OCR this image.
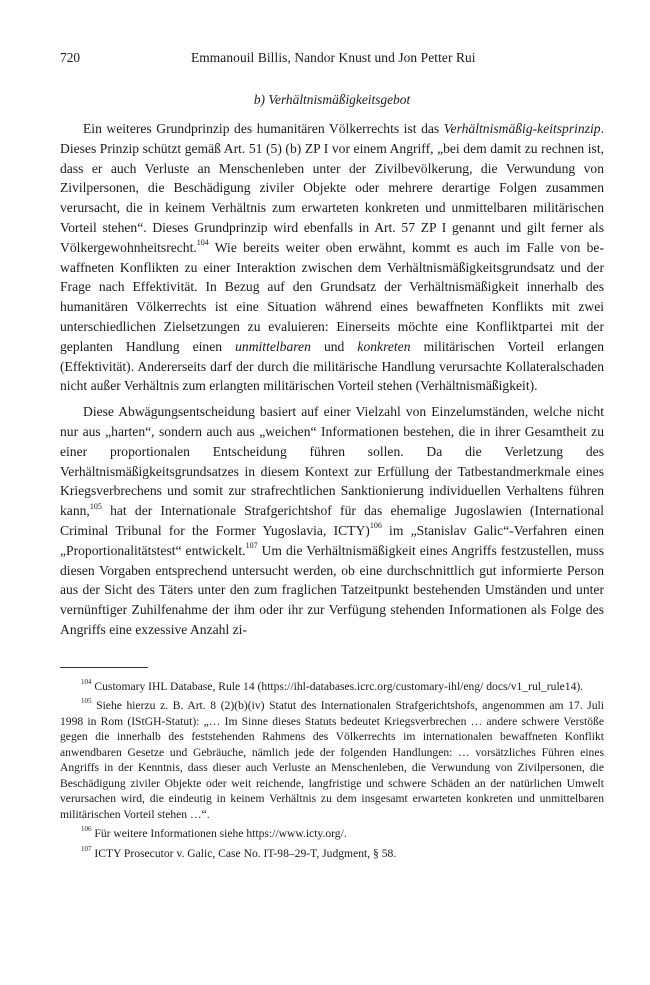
720	Emmanouil Billis, Nandor Knust und Jon Petter Rui
b) Verhältnismäßigkeitsgebot

Ein weiteres Grundprinzip des humanitären Völkerrechts ist das Verhältnismäßig-keitsprinzip. Dieses Prinzip schützt gemäß Art. 51 (5) (b) ZP I vor einem Angriff, „bei dem damit zu rechnen ist, dass er auch Verluste an Menschenleben unter der Zivilbevölkerung, die Verwundung von Zivilpersonen, die Beschädigung ziviler Objekte oder mehrere derartige Folgen zusammen verursacht, die in keinem Verhältnis zum erwarteten konkreten und unmittelbaren militärischen Vorteil stehen“. Dieses Grundprinzip wird ebenfalls in Art. 57 ZP I genannt und gilt ferner als Völkergewohnheitsrecht.$^{104}$ Wie bereits weiter oben erwähnt, kommt es auch im Falle von bewaffneten Konflikten zu einer Interaktion zwischen dem Verhältnismäßigkeitsgrundsatz und der Frage nach Effektivität. In Bezug auf den Grundsatz der Verhältnismäßigkeit innerhalb des humanitären Völkerrechts ist eine Situation während eines bewaffneten Konflikts mit zwei unterschiedlichen Zielsetzungen zu evaluieren: Einerseits möchte eine Konfliktpartei mit der geplanten Handlung einen unmittelbaren und konkreten militärischen Vorteil erlangen (Effektivität). Andererseits darf der durch die militärische Handlung verursachte Kollateralschaden nicht außer Verhältnis zum erlangten militärischen Vorteil stehen (Verhältnismäßigkeit).

Diese Abwägungsentscheidung basiert auf einer Vielzahl von Einzelumständen, welche nicht nur aus „harten“, sondern auch aus „weichen“ Informationen bestehen, die in ihrer Gesamtheit zu einer proportionalen Entscheidung führen sollen. Da die Verletzung des Verhältnismäßigkeitsgrundsatzes in diesem Kontext zur Erfüllung der Tatbestandmerkmale eines Kriegsverbrechens und somit zur strafrechtlichen Sanktionierung individuellen Verhaltens führen kann,$^{105}$ hat der Internationale Strafgerichtshof für das ehemalige Jugoslawien (International Criminal Tribunal for the Former Yugoslavia, ICTY)$^{106}$ im „Stanislav Galic“-Verfahren einen „Proportionalitätstest“ entwickelt.$^{107}$ Um die Verhältnismäßigkeit eines Angriffs festzustellen, muss diesen Vorgaben entsprechend untersucht werden, ob eine durchschnittlich gut informierte Person aus der Sicht des Täters unter den zum fraglichen Tatzeitpunkt bestehenden Umständen und unter vernünftiger Zuhilfenahme der ihm oder ihr zur Verfügung stehenden Informationen als Folge des Angriffs eine exzessive Anzahl zi-

$^{104}$ Customary IHL Database, Rule 14 (https://ihl-databases.icrc.org/customary-ihl/eng/ docs/v1_rul_rule14).

$^{105}$ Siehe hierzu z. B. Art. 8 (2)(b)(iv) Statut des Internationalen Strafgerichtshofs, angenommen am 17. Juli 1998 in Rom (IStGH-Statut): „… Im Sinne dieses Statuts bedeutet Kriegsverbrechen … andere schwere Verstöße gegen die innerhalb des feststehenden Rahmens des Völkerrechts im internationalen bewaffneten Konflikt anwendbaren Gesetze und Gebräuche, nämlich jede der folgenden Handlungen: … vorsätzliches Führen eines Angriffs in der Kenntnis, dass dieser auch Verluste an Menschenleben, die Verwundung von Zivilpersonen, die Beschädigung ziviler Objekte oder weit reichende, langfristige und schwere Schäden an der natürlichen Umwelt verursachen wird, die eindeutig in keinem Verhältnis zu dem insgesamt erwarteten konkreten und unmittelbaren militärischen Vorteil stehen …“.

$^{106}$ Für weitere Informationen siehe https://www.icty.org/.

$^{107}$ ICTY Prosecutor v. Galic, Case No. IT-98–29-T, Judgment, § 58.
